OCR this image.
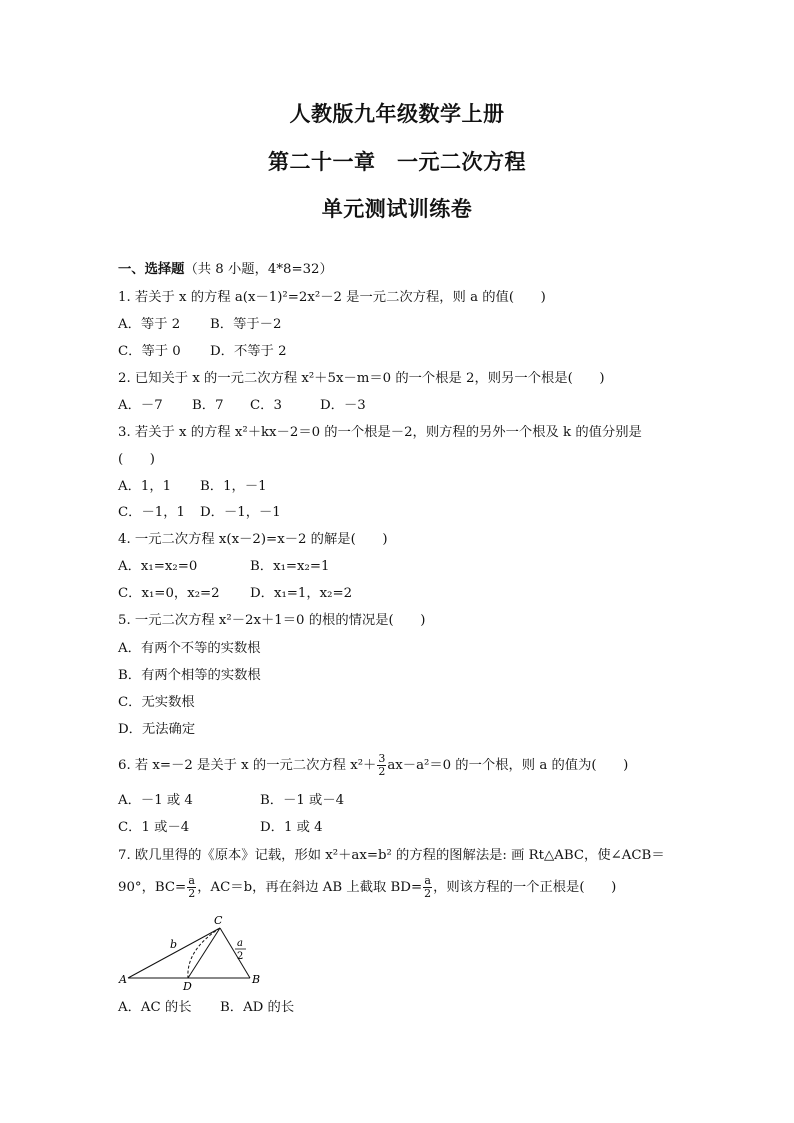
人教版九年级数学上册
第二十一章　一元二次方程
单元测试训练卷
一、选择题（共 8 小题，4*8=32）
1. 若关于 x 的方程 a(x－1)²=2x²－2 是一元二次方程，则 a 的值(　　)
A．等于 2 B．等于－2
C．等于 0 D．不等于 2
2. 已知关于 x 的一元二次方程 x²＋5x－m＝0 的一个根是 2，则另一个根是(　　)
A．－7 B．7 C．3	D．－3
3. 若关于 x 的方程 x²＋kx－2＝0 的一个根是－2，则方程的另外一个根及 k 的值分别是
(　　)
A．1，1 B．1，－1
C．－1，1 D．－1，－1
4. 一元二次方程 x(x－2)=x－2 的解是(　　)
A．x₁=x₂=0	B．x₁=x₂=1
C．x₁=0，x₂=2 D．x₁=1，x₂=2
5. 一元二次方程 x²－2x＋1＝0 的根的情况是(　　)
A．有两个不等的实数根
B．有两个相等的实数根
C．无实数根
D．无法确定
6. 若 x=－2 是关于 x 的一元二次方程 $x^2+ \frac{3}{2} ax-a^2=0$ 的一个根，则 a 的值为(　　)
A．－1 或 4	B．－1 或－4
C．1 或－4	D．1 或 4
7. 欧几里得的《原本》记载，形如 x²＋ax=b² 的方程的图解法是: 画 Rt△ABC，使∠ACB＝
90°，$BC= \frac{a}{2}$ ，AC＝b，再在斜边 AB 上截取 $BD= \frac{a}{2}$ ，则该方程的一个正根是(　　)
A	B
C
D
b	a
2
A．AC 的长 B．AD 的长
